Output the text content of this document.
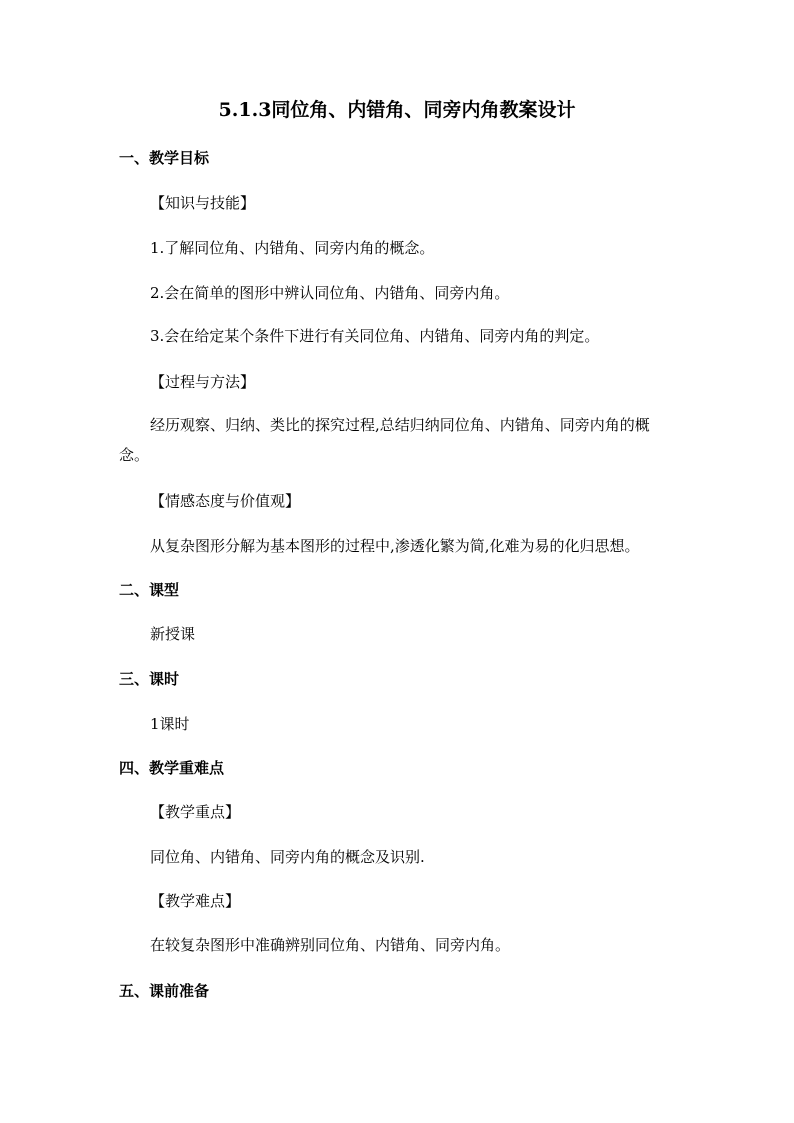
5.1.3同位角、内错角、同旁内角教案设计
一、教学目标
【知识与技能】
1.了解同位角、内错角、同旁内角的概念。
2.会在简单的图形中辨认同位角、内错角、同旁内角。
3.会在给定某个条件下进行有关同位角、内错角、同旁内角的判定。
【过程与方法】
经历观察、归纳、类比的探究过程,总结归纳同位角、内错角、同旁内角的概念。
【情感态度与价值观】
从复杂图形分解为基本图形的过程中,渗透化繁为简,化难为易的化归思想。
二、课型
新授课
三、课时
1课时
四、教学重难点
【教学重点】
同位角、内错角、同旁内角的概念及识别.
【教学难点】
在较复杂图形中准确辨别同位角、内错角、同旁内角。
五、课前准备
